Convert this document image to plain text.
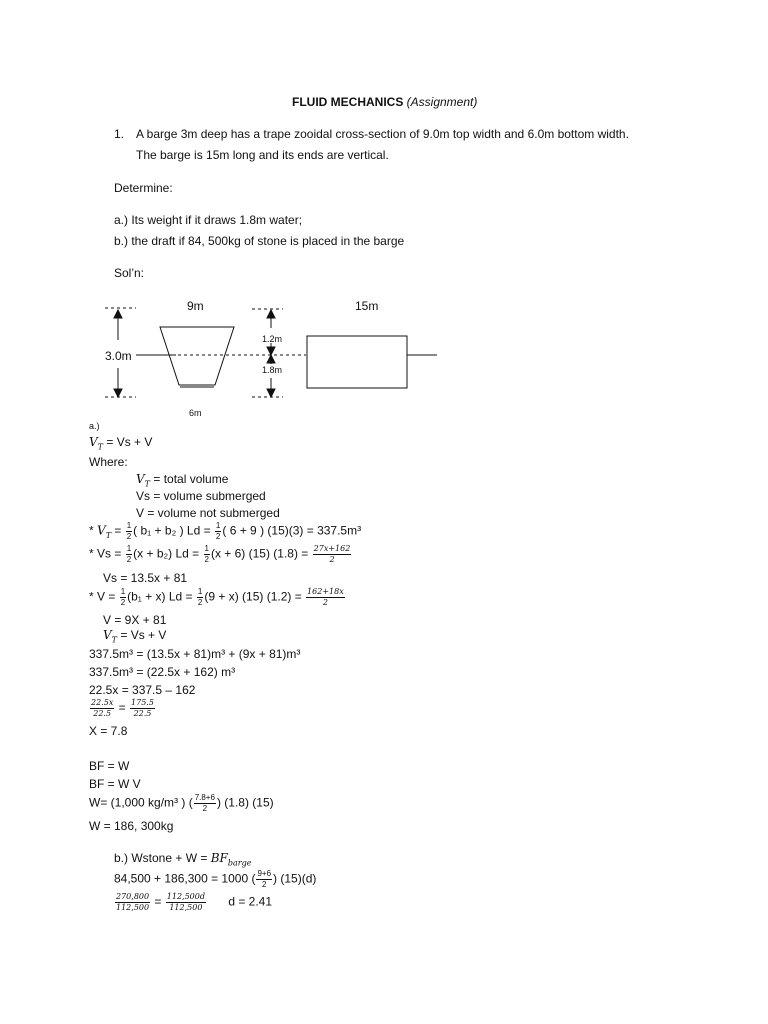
FLUID MECHANICS (Assignment)
1. A barge 3m deep has a trape zooidal cross-section of 9.0m top width and 6.0m bottom width.
The barge is 15m long and its ends are vertical.
Determine:
a.) Its weight if it draws 1.8m water;
b.) the draft if 84, 500kg of stone is placed in the barge
Sol’n:
9m	15m
3.0m
6m
1.2m
1.8m
a.)
$V_T = Vs + V$
Where:
$V_T$ = total volume
Vs = volume submerged
V = volume not submerged
* $V_T = \frac{1}{2}$ ( b₁ + b₂ ) $Ld = \frac{1}{2}$ ( 6 + 9 ) (15)(3) = 337.5m³
* $Vs = \frac{1}{2} (x + b_2) Ld = \frac{1}{2} (x + 6)$ (15) $(1.8) = \frac{27x+162}{2}$
Vs = 13.5x + 81
* $V = \frac{1}{2} (b_1 + x) Ld = \frac{1}{2} (9 + x)$ (15) $(1.2) = \frac{162+18x}{2}$
V = 9X + 81
$V_T = Vs + V$
337.5m³ = (13.5x + 81)m³ + (9x + 81)m³
337.5m³ = (22.5x + 162) m³
22.5x = 337.5 – 162
$\frac{22.5x}{22.5} = \frac{175.5}{22.5}$
X = 7.8
BF = W
BF = W V
W= (1,000 kg/m³ ) ( $\frac{7.8+6}{2}$ ) (1.8) (15)
W = 186, 300kg
b.) Wstone + $W = BF_{barge}$
84,500 + 186,300 = 1000 ( $\frac{9+6}{2}$ ) (15)(d)
$\frac{270,800}{112,500} = \frac{112,500d}{112,500}$ d = 2.41
